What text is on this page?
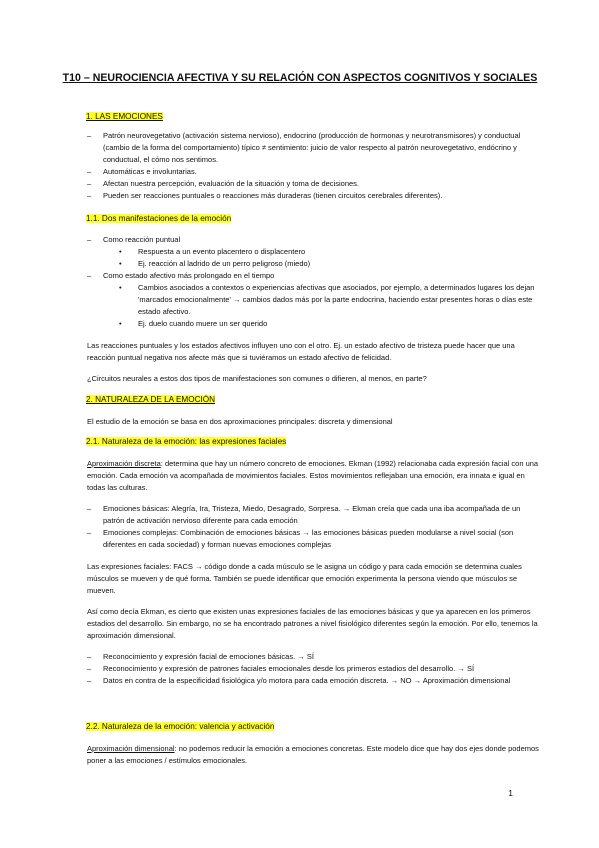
T10 – NEUROCIENCIA AFECTIVA Y SU RELACIÓN CON ASPECTOS COGNITIVOS Y SOCIALES
1. LAS EMOCIONES
– Patrón neurovegetativo (activación sistema nervioso), endocrino (producción de hormonas y neurotransmisores) y conductual (cambio de la forma del comportamiento) típico ≠ sentimiento: juicio de valor respecto al patrón neurovegetativo, endócrino y conductual, el cómo nos sentimos.
– Automáticas e involuntarias.
– Afectan nuestra percepción, evaluación de la situación y toma de decisiones.
– Pueden ser reacciones puntuales o reacciones más duraderas (tienen circuitos cerebrales diferentes).
1.1. Dos manifestaciones de la emoción
– Como reacción puntual
• Respuesta a un evento placentero o displacentero
• Ej. reacción al ladrido de un perro peligroso (miedo)
– Como estado afectivo más prolongado en el tiempo
• Cambios asociados a contextos o experiencias afectivas que asociados, por ejemplo, a determinados lugares los dejan 'marcados emocionalmente' → cambios dados más por la parte endocrina, haciendo estar presentes horas o días este estado afectivo.
• Ej. duelo cuando muere un ser querido

Las reacciones puntuales y los estados afectivos influyen uno con el otro. Ej. un estado afectivo de tristeza puede hacer que una reacción puntual negativa nos afecte más que si tuviéramos un estado afectivo de felicidad.

¿Circuitos neurales a estos dos tipos de manifestaciones son comunes o difieren, al menos, en parte?

2. NATURALEZA DE LA EMOCIÓN

El estudio de la emoción se basa en dos aproximaciones principales: discreta y dimensional

2.1. Naturaleza de la emoción: las expresiones faciales

Aproximación discreta: determina que hay un número concreto de emociones. Ekman (1992) relacionaba cada expresión facial con una emoción. Cada emoción va acompañada de movimientos faciales. Estos movimientos reflejaban una emoción, era innata e igual en todas las culturas.

– Emociones básicas: Alegría, Ira, Tristeza, Miedo, Desagrado, Sorpresa. → Ekman creía que cada una iba acompañada de un patrón de activación nervioso diferente para cada emoción
– Emociones complejas: Combinación de emociones básicas → las emociones básicas pueden modularse a nivel social (son diferentes en cada sociedad) y forman nuevas emociones complejas

Las expresiones faciales: FACS → código donde a cada músculo se le asigna un código y para cada emoción se determina cuales músculos se mueven y de qué forma. También se puede identificar que emoción experimenta la persona viendo que músculos se mueven.

Así como decía Ekman, es cierto que existen unas expresiones faciales de las emociones básicas y que ya aparecen en los primeros estadios del desarrollo. Sin embargo, no se ha encontrado patrones a nivel fisiológico diferentes según la emoción. Por ello, tenemos la aproximación dimensional.

– Reconocimiento y expresión facial de emociones básicas. → SÍ
– Reconocimiento y expresión de patrones faciales emocionales desde los primeros estadios del desarrollo. → SÍ
– Datos en contra de la especificidad fisiológica y/o motora para cada emoción discreta. → NO → Aproximación dimensional
2.2. Naturaleza de la emoción: valencia y activación

Aproximación dimensional: no podemos reducir la emoción a emociones concretas. Este modelo dice que hay dos ejes donde podemos poner a las emociones / estímulos emocionales.

1
